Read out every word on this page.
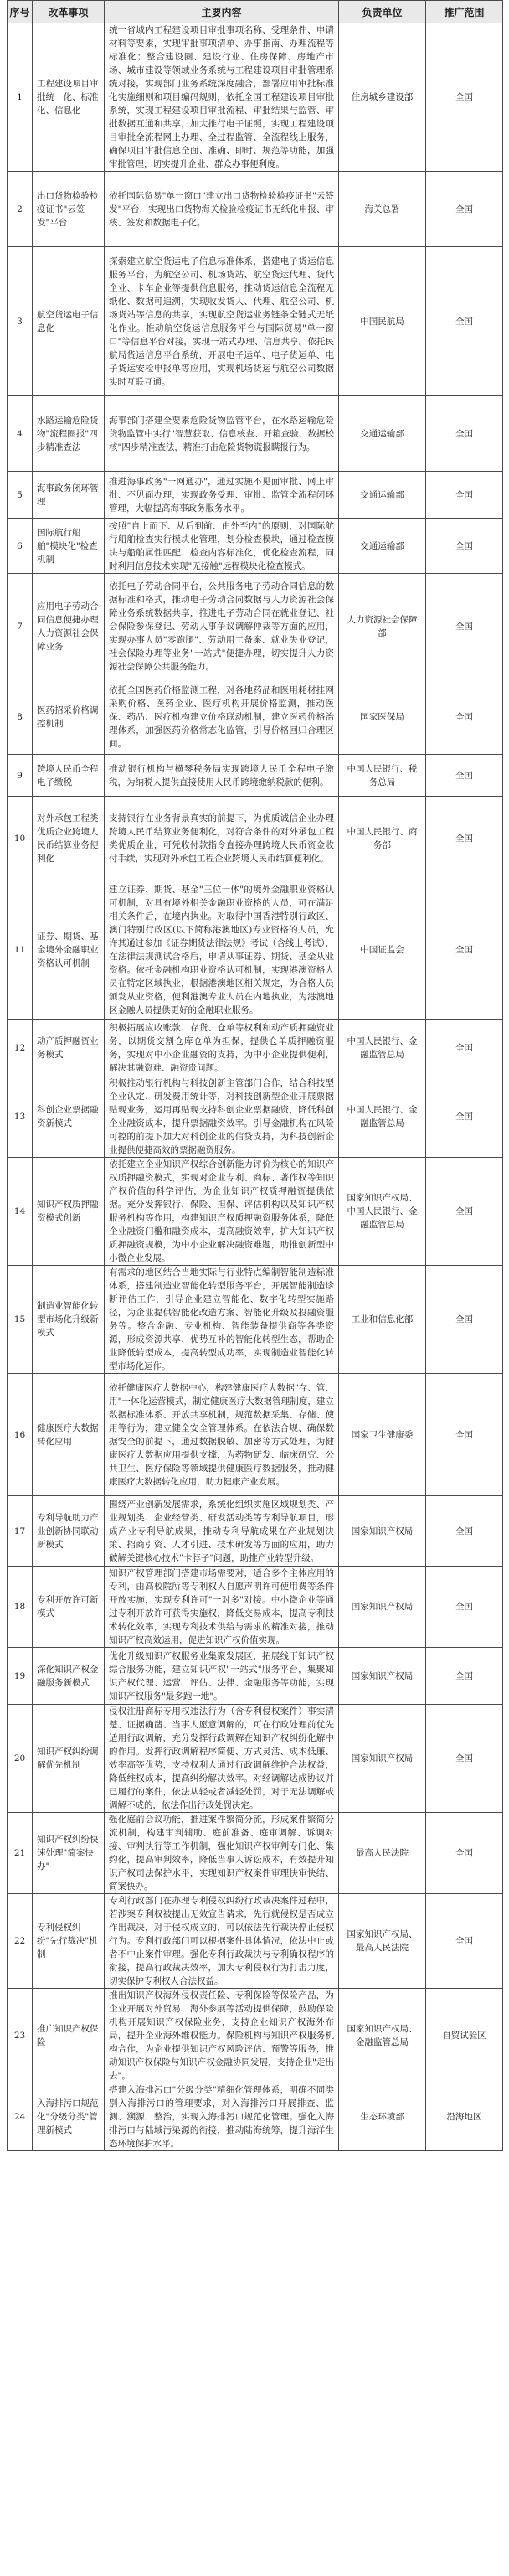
序号	改革事项	主要内容	负责单位	推广范围
1	工程建设项目审批统一化、标准化、信息化	统一省域内工程建设项目审批事项名称、受理条件、申请材料等要素，实现审批事项清单、办事指南、办理流程等标准化；整合建设圈、建设行业、住房保障、房地产市场、城市建设等领域业务系统与工程建设项目审批管理系统对接，实现部门业务系统深度融合，部署应用审批标准化实施细则和项目编码规则，依托全国工程建设项目审批系统，实现工程建设项目审批流程、审批结果与监管、审批数据互通和共享，加大推行电子证照，实现工程建设项目审批全流程网上办理、全过程监管、全流程线上服务，确保项目审批信息全面、准确、即时、规范等功能，加强审批管理，切实提升企业、群众办事便利度。	住房城乡建设部	全国
2	出口货物检验检疫证书"云签发"平台	依托国际贸易"单一窗口"建立出口货物检验检疫证书"云签发"平台，实现出口货物海关检验检疫证书无纸化申报、审核、签发和数据电子化。	海关总署	全国
3	航空货运电子信息化	探索建立航空货运电子信息标准体系，搭建电子货运信息服务平台，为航空公司、机场货站、航空货运代理、货代企业、卡车企业等提供信息服务，推动货运信息全流程无纸化、数据可追溯，实现收发货人、代理、航空公司、机场货站等信息的共享，实现航空货运业务链条全链式无纸化作业。推动航空货运信息服务平台与国际贸易"单一窗口"等信息平台对接，实现一站式办理、信息共享。依托民航局货运信息平台系统，开展电子运单、电子货运单、电子货运安检申报单等应用，实现机场货运与航空公司数据实时互联互通。	中国民航局	全国
4	水路运输危险货物"流程圈报"四步精准查法	海事部门搭建全要素危险货物监管平台，在水路运输危险货物监管中实行"智慧获取、信息核查、开箱查验、数据校核"四步精准查法，精准打击危险货物谎报瞒报行为。	交通运输部	全国
5	海事政务闭环管理	推进海事政务"一网通办"，通过实施不见面审批、网上审批、不见面办理，实现政务受理、审批、监管全流程闭环管理，大幅提高海事政务服务水平。	交通运输部	全国
6	国际航行船舶"模块化"检查机制	按照"自上而下、从后到前、由外至内"的原则，对国际航行船舶检查实行模块化管理，划分检查模块，通过检查模块与船舶属性匹配、检查内容标准化，优化检查流程，同时利用信息技术实现"无接触"远程模块化检查模式。	交通运输部	全国
7	应用电子劳动合同信息便捷办理人力资源社会保障业务	依托电子劳动合同平台，公共服务电子劳动合同信息的数据标准和格式，推动电子劳动合同数据与人力资源社会保障业务系统数据共享，推进电子劳动合同在就业登记、社会保险参保登记、劳动人事争议调解仲裁等方面的应用，实现办事人员"零跑腿"、劳动用工备案、就业失业登记，社会保险办理等业务"一站式"便捷办理，切实提升人力资源社会保障公共服务能力。	人力资源社会保障部	全国
8	医药招采价格调控机制	依托全国医药价格监测工程，对各地药品和医用耗材挂网采购价格、医药企业、医疗机构开展价格监测，推动医保、药品、医疗机构建立价格联动机制，建立医药价格治理体系，加强医药价格常态化监管，引导价格回归合理区间。	国家医保局	全国
9	跨境人民币全程电子缴税	推动银行机构与横琴税务局实现跨境人民币全程电子缴税，为纳税人提供直接使用人民币跨境缴纳税款的便利。	中国人民银行、税务总局	全国
10	对外承包工程类优质企业跨境人民币结算业务便利化	支持银行在业务背景真实的前提下，为优质诚信企业办理跨境人民币结算业务便利化，对符合条件的对外承包工程类优质企业，可凭收付款指令直接办理跨境人民币资金收付手续，实现对外承包工程企业跨境人民币结算便利化。	中国人民银行、商务部	全国
11	证券、期货、基金境外金融职业资格认可机制	建立证券、期货、基金"三位一体"的境外金融职业资格认可机制，对具有境外相关金融职业资格的人员，可在满足相关条件后，在境内执业。对取得中国香港特别行政区、澳门特别行政区(以下简称港澳地区)专业资格的人员，允许其通过参加《证券期货法律法规》考试（含线上考试），在法律法规测试合格后，申请从事证券、期货、基金从业资格。依托金融机构职业资格认可机制，实现港澳资格人员在特定区域执业，根据港澳地区相关规定，为合格人员颁发从业资格，便利港澳专业人员在内地执业，为港澳地区金融人员提供更好的金融职业服务。	中国证监会	全国
12	动产质押融资业务模式	积极拓展应收账款、存货、仓单等权利和动产质押融资业务，以期货交割仓库仓单为担保，提供仓单质押融资服务，实现对中小企业融资的支持，为中小企业提供便利，解决其融资难、融资贵问题。	中国人民银行、金融监管总局	全国
13	科创企业票据融资新模式	积极推动银行机构与科技创新主管部门合作，结合科技型企业认定、研发费用统计等，对科技创新型企业开展票据贴现业务，运用再贴现支持科创企业票据融资，降低科创企业融资成本，提升票据融资效率。引导金融机构在风险可控的前提下加大对科创企业的信贷支持，为科技创新企业提供便捷高效的票据融资服务。	中国人民银行、金融监管总局	全国
14	知识产权质押融资模式创新	依托建立企业知识产权综合创新能力评价为核心的知识产权质押融资模式，实现对企业专利、商标、著作权等知识产权价值的科学评估，为企业知识产权质押融资提供依据。充分发挥银行、保险、担保、评估机构以及知识产权服务机构等作用，构建知识产权质押融资服务体系，降低企业融资门槛和融资成本，提高融资效率，扩大知识产权质押融资规模，为中小企业解决融资难题，助推创新型中小微企业发展。	国家知识产权局、中国人民银行、金融监管总局	全国
15	制造业智能化转型市场化升级新模式	有需求的地区结合当地实际与行业特点编制智能制造标准体系，搭建制造业智能化转型服务平台，开展智能制造诊断评估工作，引导企业建立智能化、数字化转型实施路径，为企业提供智能化改造方案、智能化升级及投融资服务等。整合金融、专业机构、智能装备提供商等各类资源，形成资源共享、优势互补的智能化转型生态，帮助企业降低转型成本，提高转型成功率，实现制造业智能化转型市场化运作。	工业和信息化部	全国
16	健康医疗大数据转化应用	依托健康医疗大数据中心，构建健康医疗大数据"存、管、用"一体化运营模式，制定健康医疗大数据管理制度，建立数据标准体系、开放共享机制，规范数据采集、存储、使用等行为，建立健全安全管理体系。在依法合规、确保数据安全的前提下，通过数据脱敏、加密等方式处理，为健康医疗大数据应用提供支撑，为药物研发、临床研究、公共卫生、医疗保险等领域提供健康医疗数据服务，推动健康医疗大数据转化应用，助力健康产业发展。	国家卫生健康委	全国
17	专利导航助力产业创新协同联动新模式	围绕产业创新发展需求，系统化组织实施区域规划类、产业规划类、企业经营类、研发活动类等专利导航项目，形成产业专利导航成果，推动专利导航成果在产业规划决策、招商引资、人才引进、技术研发等方面的应用，助力破解关键核心技术"卡脖子"问题，助推产业转型升级。	国家知识产权局	全国
18	专利开放许可新模式	知识产权管理部门搭建市场需要对，适合多个主体应用的专利，由高校院所等专利权人自愿声明许可使用费等条件开放实施，实现专利许可"一对多"对接。中小微企业等通过专利开放许可获得实施权，降低交易成本，提高专利技术转化效率，实现专利技术供给与需求的精准对接，推动知识产权高效运用，促进知识产权价值实现。	国家知识产权局	全国
19	深化知识产权金融服务新模式	优化升级知识产权服务业集聚发展区，拓展线下知识产权综合服务功能，建立知识产权"一站式"服务平台，集聚知识产权代理、运营、评估、法律、金融服务等功能，实现知识产权服务"最多跑一地"。	国家知识产权局	全国
20	知识产权纠纷调解优先机制	侵权注册商标专用权违法行为（含专利侵权案件）事实清楚、证据确凿、当事人愿意调解的，可在行政处理前优先适用行政调解，充分发挥行政调解在知识产权纠纷化解中的作用。发挥行政调解程序简便、方式灵活、成本低廉、效率高等优势，支持权利人通过行政调解维护合法权益，降低维权成本，提高纠纷解决效率。对经调解达成协议并已履行的案件，依法从轻或者减轻处罚，对于无法调解或调解不成的，依法作出行政处罚决定。	国家知识产权局	全国
21	知识产权纠纷快速处理"简案快办"	强化庭前会议功能，推进案件繁简分流，形成案件繁简分流机制，构建审判辅助、庭前准备、庭审调解、诉调对接、审判执行等工作机制，强化知识产权审判专门化、集约化，提高审判效率，降低当事人诉讼成本，有效提升知识产权司法保护水平，实现知识产权案件审理快审快结、简案快办。	最高人民法院	全国
22	专利侵权纠纷"先行裁决"机制	专利行政部门在办理专利侵权纠纷行政裁决案件过程中，若涉案专利权被提出无效宣告请求，先行就侵权是否成立作出裁决，对于侵权成立的，可以依法先行裁决停止侵权行为。专利行政部门可以根据案件具体情况，依法中止或者不中止案件审理。强化专利行政裁决与专利确权程序的衔接，提高行政裁决效率，加大专利侵权行为打击力度，切实保护专利权人合法权益。	国家知识产权局、最高人民法院	全国
23	推广知识产权保险	推出知识产权海外侵权责任险、专利保险等保险产品，为企业开展对外贸易、海外参展等活动提供保障，鼓励保险机构开展知识产权保险业务，支持企业知识产权海外布局，提升企业海外维权能力。保险机构与知识产权服务机构合作，为企业提供知识产权风险评估、预警等服务，推动知识产权保险与知识产权金融协同发展，支持企业"走出去"。	国家知识产权局、金融监管总局	自贸试验区
24	入海排污口规范化"分级分类"管理新模式	搭建入海排污口"分级分类"精细化管理体系，明确不同类别入海排污口的管理要求，对入海排污口开展排查、监测、溯源、整治，实现入海排污口规范化管理。强化入海排污口与陆域污染源的衔接，推动陆海统筹，提升海洋生态环境保护水平。	生态环境部	沿海地区
